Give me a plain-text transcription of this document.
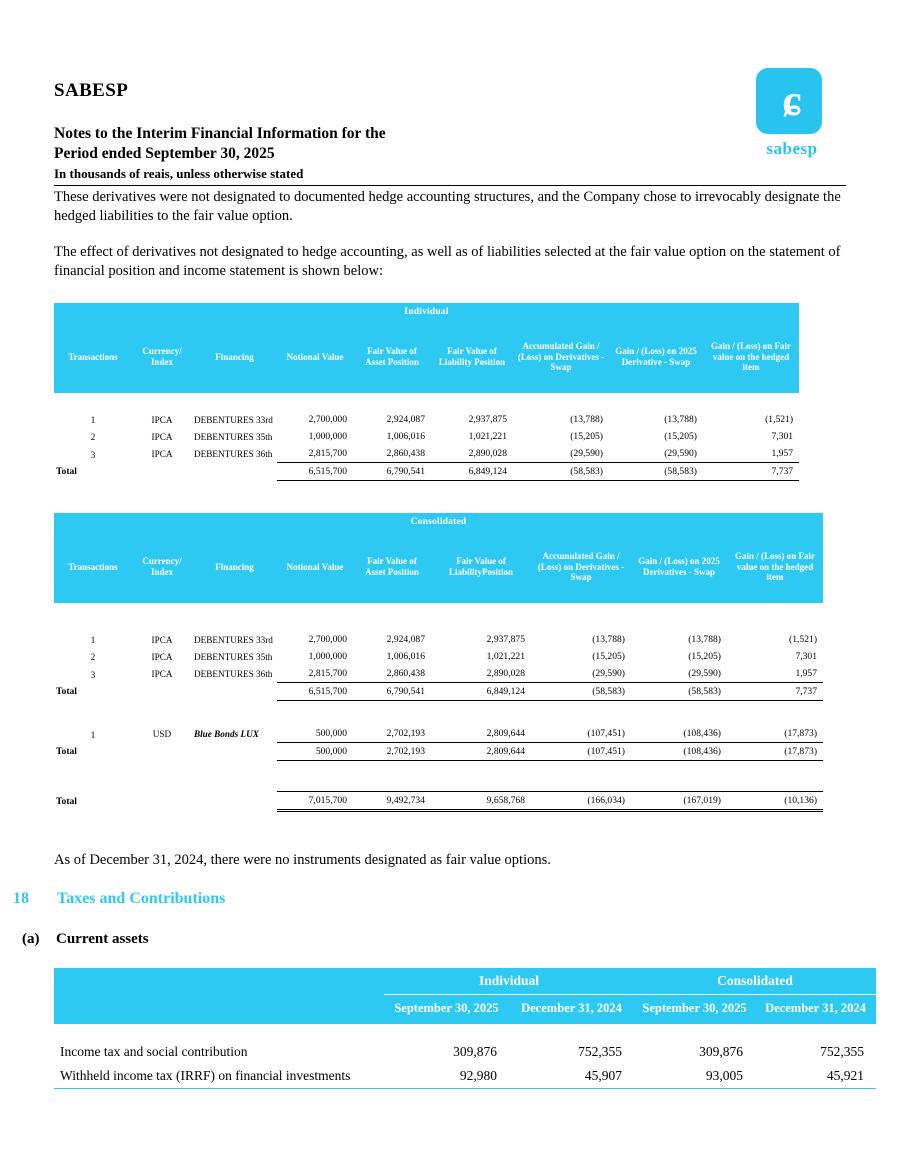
SABESP
Notes to the Interim Financial Information for the
Period ended September 30, 2025
In thousands of reais, unless otherwise stated
ɕ
sabesp
These derivatives were not designated to documented hedge accounting structures, and the Company chose to irrevocably designate the hedged liabilities to the fair value option.
The effect of derivatives not designated to hedge accounting, as well as of liabilities selected at the fair value option on the statement of financial position and income statement is shown below:
Individual								
Transactions	Currency/ Index	Financing	Notional Value	Fair Value of Asset Position	Fair Value of Liability Position	Accumulated Gain / (Loss) on Derivatives - Swap	Gain / (Loss) on 2025 Derivative - Swap	Gain / (Loss) on Fair value on the hedged item

1	IPCA	DEBENTURES 33rd	2,700,000	2,924,087	2,937,875	(13,788)	(13,788)	(1,521)
2	IPCA	DEBENTURES 35th	1,000,000	1,006,016	1,021,221	(15,205)	(15,205)	7,301
3	IPCA	DEBENTURES 36th	2,815,700	2,860,438	2,890,028	(29,590)	(29,590)	1,957
Total			6,515,700	6,790,541	6,849,124	(58,583)	(58,583)	7,737
Consolidated								
Transactions	Currency/ Index	Financing	Notional Value	Fair Value of Asset Position	Fair Value of LiabilityPosition	Accumulated Gain / (Loss) on Derivatives - Swap	Gain / (Loss) on 2025 Derivatives - Swap	Gain / (Loss) on Fair value on the hedged item

1	IPCA	DEBENTURES 33rd	2,700,000	2,924,087	2,937,875	(13,788)	(13,788)	(1,521)
2	IPCA	DEBENTURES 35th	1,000,000	1,006,016	1,021,221	(15,205)	(15,205)	7,301
3	IPCA	DEBENTURES 36th	2,815,700	2,860,438	2,890,028	(29,590)	(29,590)	1,957
Total			6,515,700	6,790,541	6,849,124	(58,583)	(58,583)	7,737

1	USD	Blue Bonds LUX	500,000	2,702,193	2,809,644	(107,451)	(108,436)	(17,873)
Total			500,000	2,702,193	2,809,644	(107,451)	(108,436)	(17,873)

Total			7,015,700	9,492,734	9,658,768	(166,034)	(167,019)	(10,136)
As of December 31, 2024, there were no instruments designated as fair value options.
18 Taxes and Contributions
(a) Current assets
	Individual		Consolidated	
	September 30, 2025	December 31, 2024	September 30, 2025	December 31, 2024

Income tax and social contribution	309,876	752,355	309,876	752,355
Withheld income tax (IRRF) on financial investments	92,980	45,907	93,005	45,921
